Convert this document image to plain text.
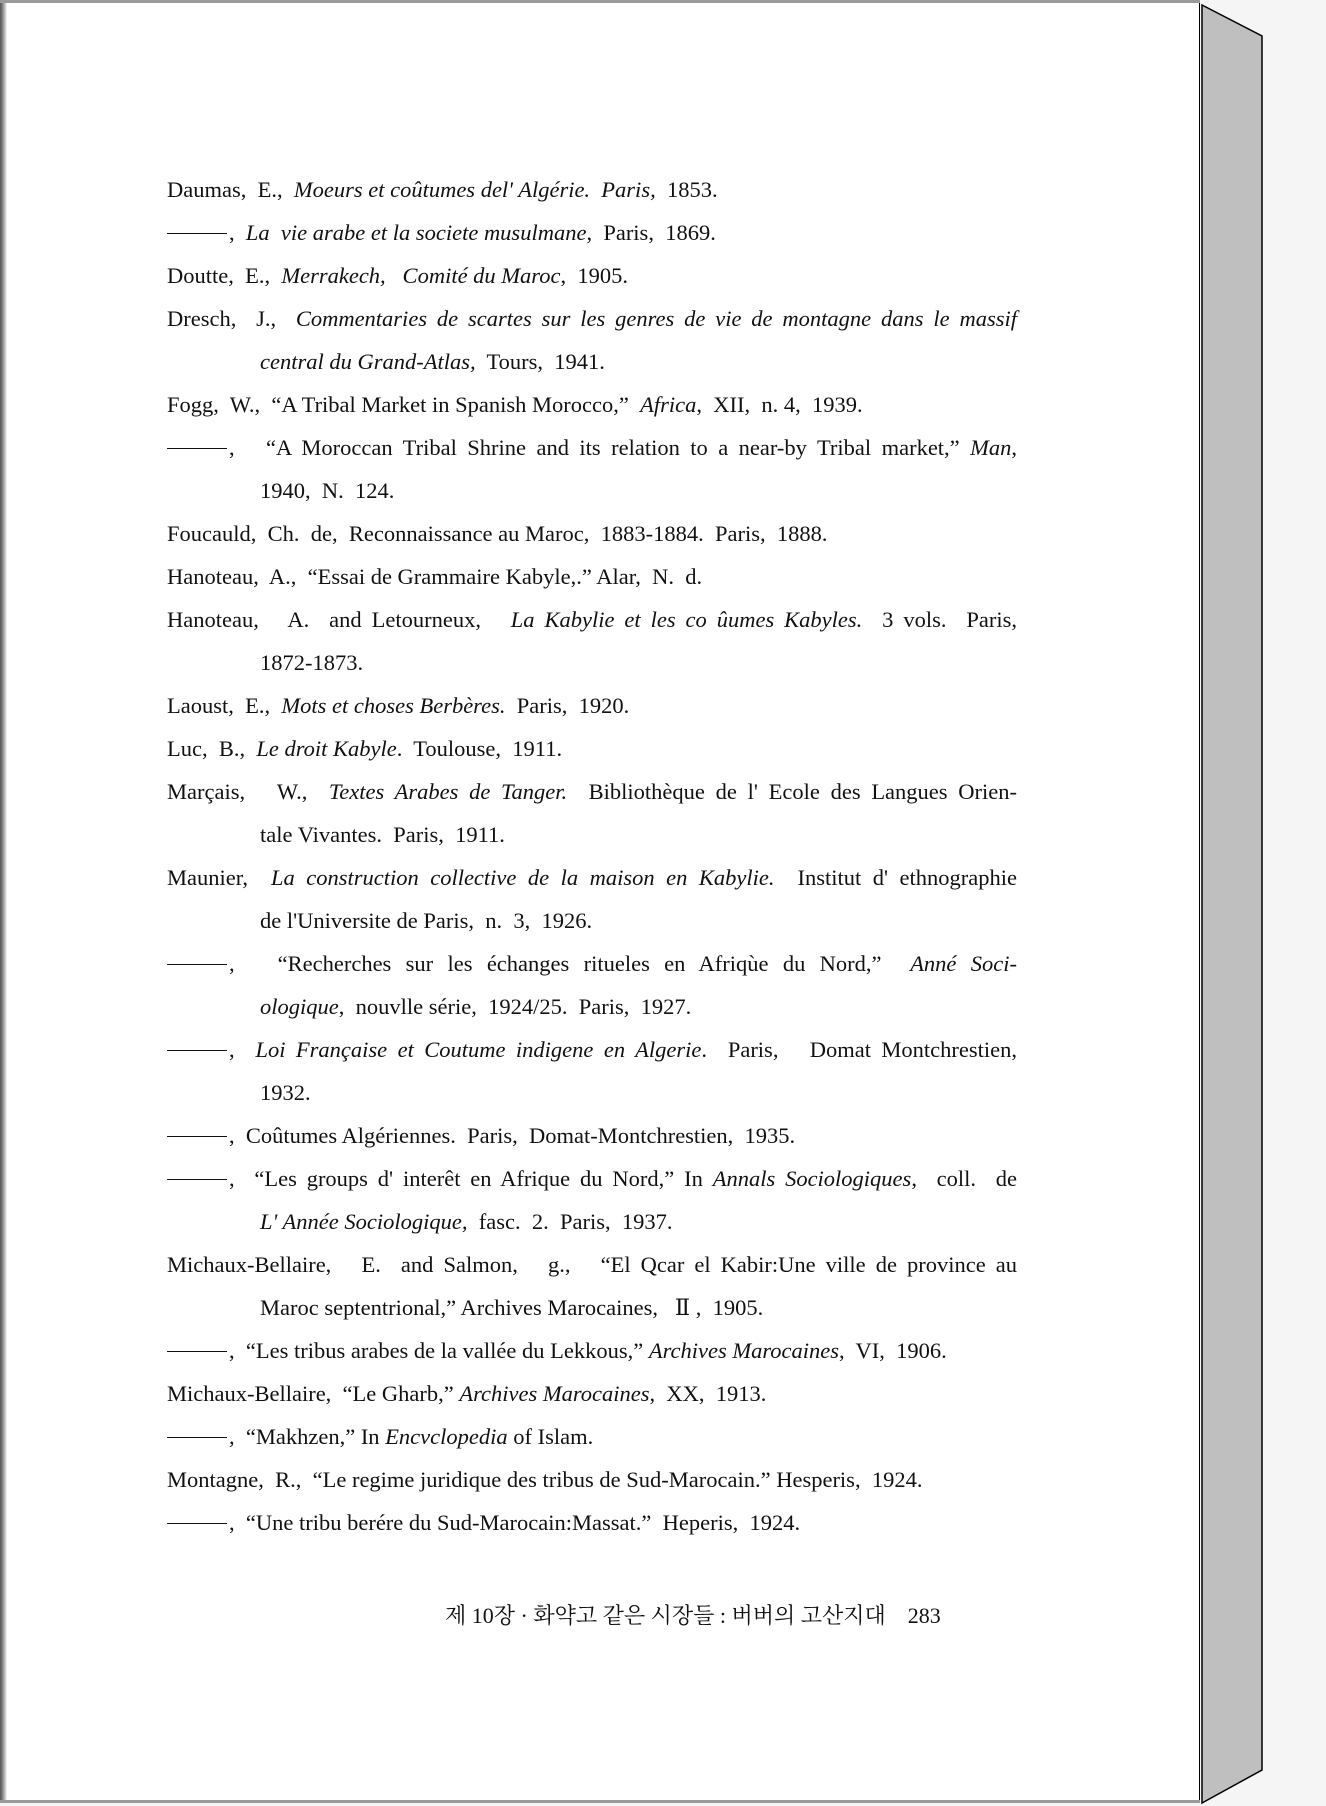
Daumas,  E.,  Moeurs et coûtumes del' Algérie.  Paris,  1853.
, La  vie arabe et la societe musulmane,  Paris,  1869.
Doutte,  E.,  Merrakech,   Comité du Maroc,  1905.
Dresch,  J.,  Commentaries de scartes sur les genres de vie de montagne dans le massif
central du Grand-Atlas,  Tours,  1941.
Fogg,  W.,  “A Tribal Market in Spanish Morocco,”  Africa,  XII,  n. 4,  1939.
,   “A Moroccan Tribal Shrine and its relation to a near-by Tribal market,” Man,
1940,  N.  124.
Foucauld,  Ch.  de,  Reconnaissance au Maroc,  1883-1884.  Paris,  1888.
Hanoteau,  A.,  “Essai de Grammaire Kabyle,.” Alar,  N.  d.
Hanoteau,   A.  and Letourneux,   La Kabylie et les co ûumes Kabyles.  3 vols.  Paris,
1872-1873.
Laoust,  E.,  Mots et choses Berbères.  Paris,  1920.
Luc,  B.,  Le droit Kabyle.  Toulouse,  1911.
Marçais,   W.,  Textes Arabes de Tanger.  Bibliothèque de l' Ecole des Langues Orien-
tale Vivantes.  Paris,  1911.
Maunier,  La construction collective de la maison en Kabylie.  Institut d' ethnographie
de l'Universite de Paris,  n.  3,  1926.
,   “Recherches sur les échanges ritueles en Afriqùe du Nord,”  Anné Soci-
ologique,  nouvlle série,  1924/25.  Paris,  1927.
, Loi Française et Coutume indigene en Algerie.  Paris,   Domat Montchrestien,
1932.
,  Coûtumes Algériennes.  Paris,  Domat-Montchrestien,  1935.
,  “Les groups d' interêt en Afrique du Nord,” In Annals Sociologiques,  coll.  de
L' Année Sociologique,  fasc.  2.  Paris,  1937.
Michaux-Bellaire,   E.  and Salmon,   g.,   “El Qcar el Kabir:Une ville de province au
Maroc septentrional,” Archives Marocaines,   Ⅱ ,  1905.
,  “Les tribus arabes de la vallée du Lekkous,” Archives Marocaines,  VI,  1906.
Michaux-Bellaire,  “Le Gharb,” Archives Marocaines,  XX,  1913.
,  “Makhzen,” In Encvclopedia of Islam.
Montagne,  R.,  “Le regime juridique des tribus de Sud-Marocain.” Hesperis,  1924.
,  “Une tribu berére du Sud-Marocain:Massat.”  Heperis,  1924.
제 10장 · 화약고 같은 시장들 : 버버의 고산지대 283
